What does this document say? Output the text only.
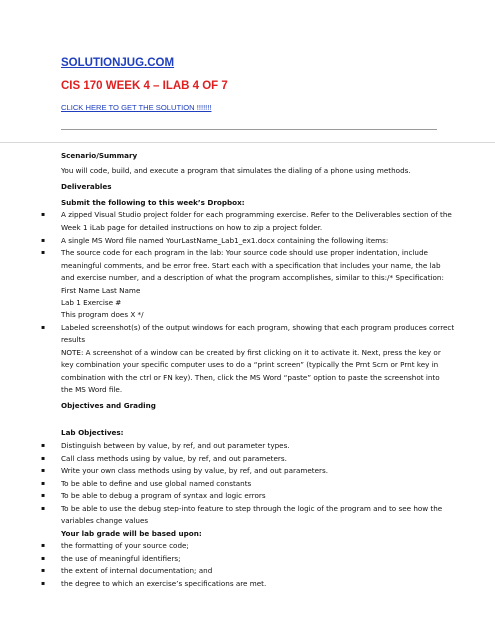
SOLUTIONJUG.COM
CIS 170 WEEK 4 – ILAB 4 OF 7
CLICK HERE TO GET THE SOLUTION !!!!!!!
Scenario/Summary
You will code, build, and execute a program that simulates the dialing of a phone using methods.
Deliverables
Submit the following to this week’s Dropbox:
▪ A zipped Visual Studio project folder for each programming exercise. Refer to the Deliverables section of the
Week 1 iLab page for detailed instructions on how to zip a project folder.
▪ A single MS Word file named YourLastName_Lab1_ex1.docx containing the following items:
▪ The source code for each program in the lab: Your source code should use proper indentation, include
meaningful comments, and be error free. Start each with a specification that includes your name, the lab
and exercise number, and a description of what the program accomplishes, similar to this:/* Specification:
First Name Last Name
Lab 1 Exercise #
This program does X */
▪ Labeled screenshot(s) of the output windows for each program, showing that each program produces correct
results
NOTE: A screenshot of a window can be created by first clicking on it to activate it. Next, press the key or
key combination your specific computer uses to do a “print screen” (typically the Prnt Scrn or Prnt key in
combination with the ctrl or FN key). Then, click the MS Word “paste” option to paste the screenshot into
the MS Word file.
Objectives and Grading
Lab Objectives:
▪ Distinguish between by value, by ref, and out parameter types.
▪ Call class methods using by value, by ref, and out parameters.
▪ Write your own class methods using by value, by ref, and out parameters.
▪ To be able to define and use global named constants
▪ To be able to debug a program of syntax and logic errors
▪ To be able to use the debug step-into feature to step through the logic of the program and to see how the
variables change values
Your lab grade will be based upon:
▪ the formatting of your source code;
▪ the use of meaningful identifiers;
▪ the extent of internal documentation; and
▪ the degree to which an exercise’s specifications are met.
